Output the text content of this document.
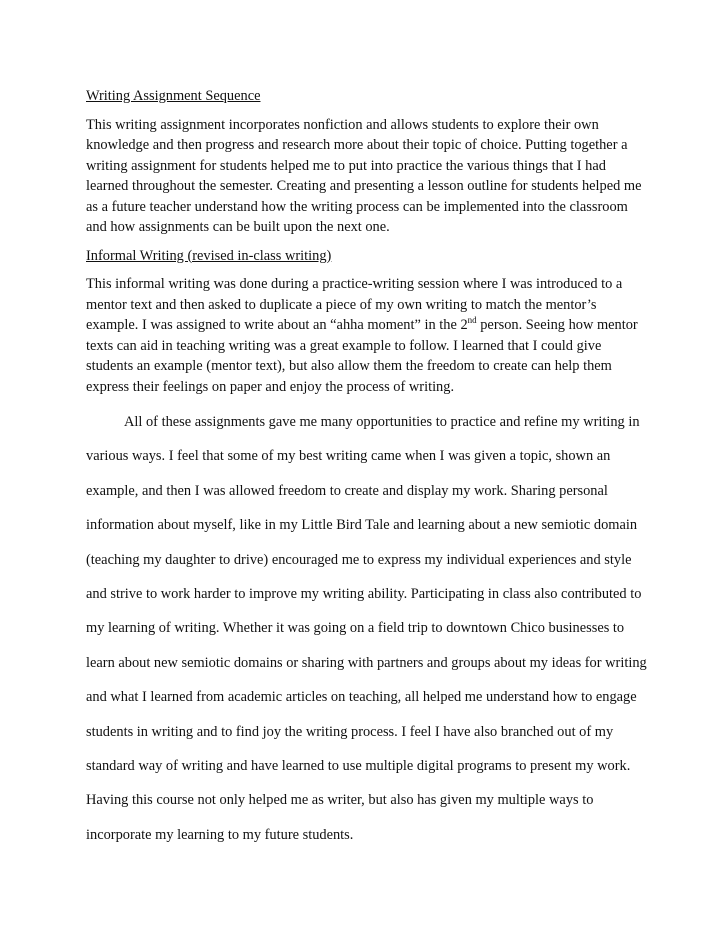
Writing Assignment Sequence

This writing assignment incorporates nonfiction and allows students to explore their own knowledge and then progress and research more about their topic of choice. Putting together a writing assignment for students helped me to put into practice the various things that I had learned throughout the semester. Creating and presenting a lesson outline for students helped me as a future teacher understand how the writing process can be implemented into the classroom and how assignments can be built upon the next one.

Informal Writing (revised in-class writing)

This informal writing was done during a practice-writing session where I was introduced to a mentor text and then asked to duplicate a piece of my own writing to match the mentor’s example. I was assigned to write about an “ahha moment” in the 2nd person. Seeing how mentor texts can aid in teaching writing was a great example to follow. I learned that I could give students an example (mentor text), but also allow them the freedom to create can help them express their feelings on paper and enjoy the process of writing.

All of these assignments gave me many opportunities to practice and refine my writing in various ways. I feel that some of my best writing came when I was given a topic, shown an example, and then I was allowed freedom to create and display my work. Sharing personal information about myself, like in my Little Bird Tale and learning about a new semiotic domain (teaching my daughter to drive) encouraged me to express my individual experiences and style and strive to work harder to improve my writing ability. Participating in class also contributed to my learning of writing. Whether it was going on a field trip to downtown Chico businesses to learn about new semiotic domains or sharing with partners and groups about my ideas for writing and what I learned from academic articles on teaching, all helped me understand how to engage students in writing and to find joy the writing process. I feel I have also branched out of my standard way of writing and have learned to use multiple digital programs to present my work. Having this course not only helped me as writer, but also has given my multiple ways to incorporate my learning to my future students.
